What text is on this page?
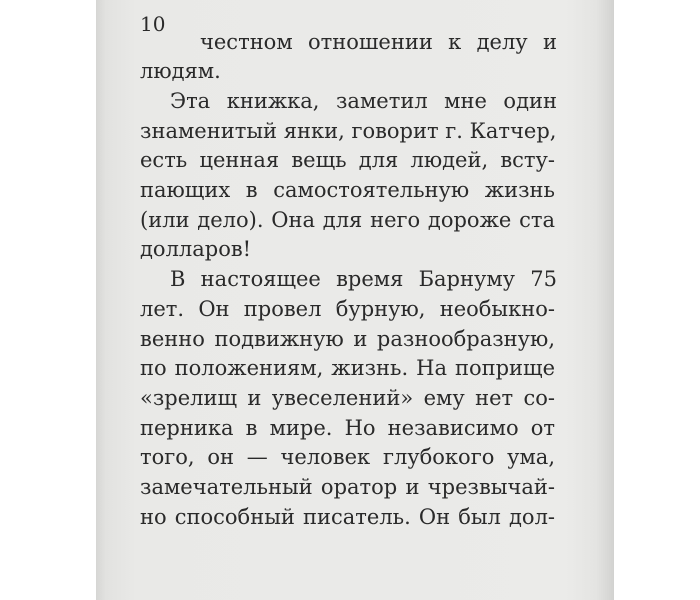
10
честном отношении к делу и
людям.
Эта книжка, заметил мне один
знаменитый янки, говорит г. Катчер,
есть ценная вещь для людей, всту-
пающих в самостоятельную жизнь
(или дело). Она для него дороже ста
долларов!
В настоящее время Барнуму 75
лет. Он провел бурную, необыкно-
венно подвижную и разнообразную,
по положениям, жизнь. На поприще
«зрелищ и увеселений» ему нет со-
перника в мире. Но независимо от
того, он — человек глубокого ума,
замечательный оратор и чрезвычай-
но способный писатель. Он был дол-
